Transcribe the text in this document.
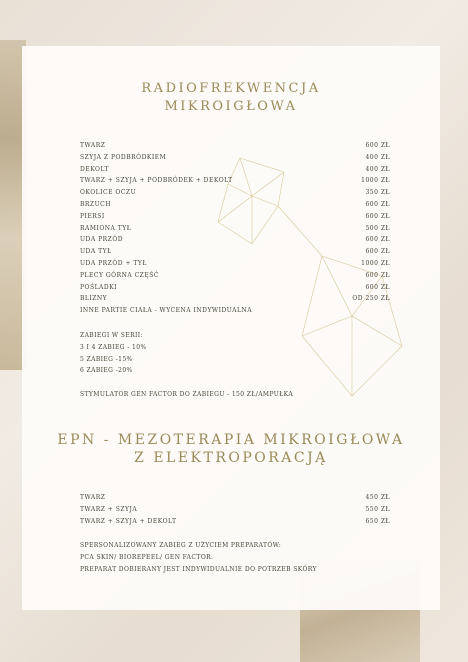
RADIOFREKWENCJA
MIKROIGŁOWA
TWARZ	600 ZŁ
SZYJA Z PODBRÓDKIEM	400 ZŁ
DEKOLT	400 ZŁ
TWARZ + SZYJA + PODBRÓDEK + DEKOLT	1000 ZŁ
OKOLICE OCZU	350 ZŁ
BRZUCH	600 ZŁ
PIERSI	600 ZŁ
RAMIONA TYŁ	500 ZŁ
UDA PRZÓD	600 ZŁ
UDA TYŁ	600 ZŁ
UDA PRZÓD + TYŁ	1000 ZŁ
PLECY GÓRNA CZĘŚĆ	600 ZŁ
POŚLADKI	600 ZŁ
BLIZNY	OD 250 ZŁ
INNE PARTIE CIAŁA - WYCENA INDYWIDUALNA
ZABIEGI W SERII:
3 I 4 ZABIEG - 10%
5 ZABIEG -15%
6 ZABIEG -20%
STYMULATOR GEN FACTOR DO ZABIEGU - 150 ZŁ/AMPUŁKA
EPN - MEZOTERAPIA MIKROIGŁOWA
Z ELEKTROPORACJĄ
TWARZ	450 ZŁ
TWARZ + SZYJA	550 ZŁ
TWARZ + SZYJA + DEKOLT	650 ZŁ
SPERSONALIZOWANY ZABIEG Z UŻYCIEM PREPARATÓW:
PCA SKIN/ BIOREPEEL/ GEN FACTOR.
PREPARAT DOBIERANY JEST INDYWIDUALNIE DO POTRZEB SKÓRY
